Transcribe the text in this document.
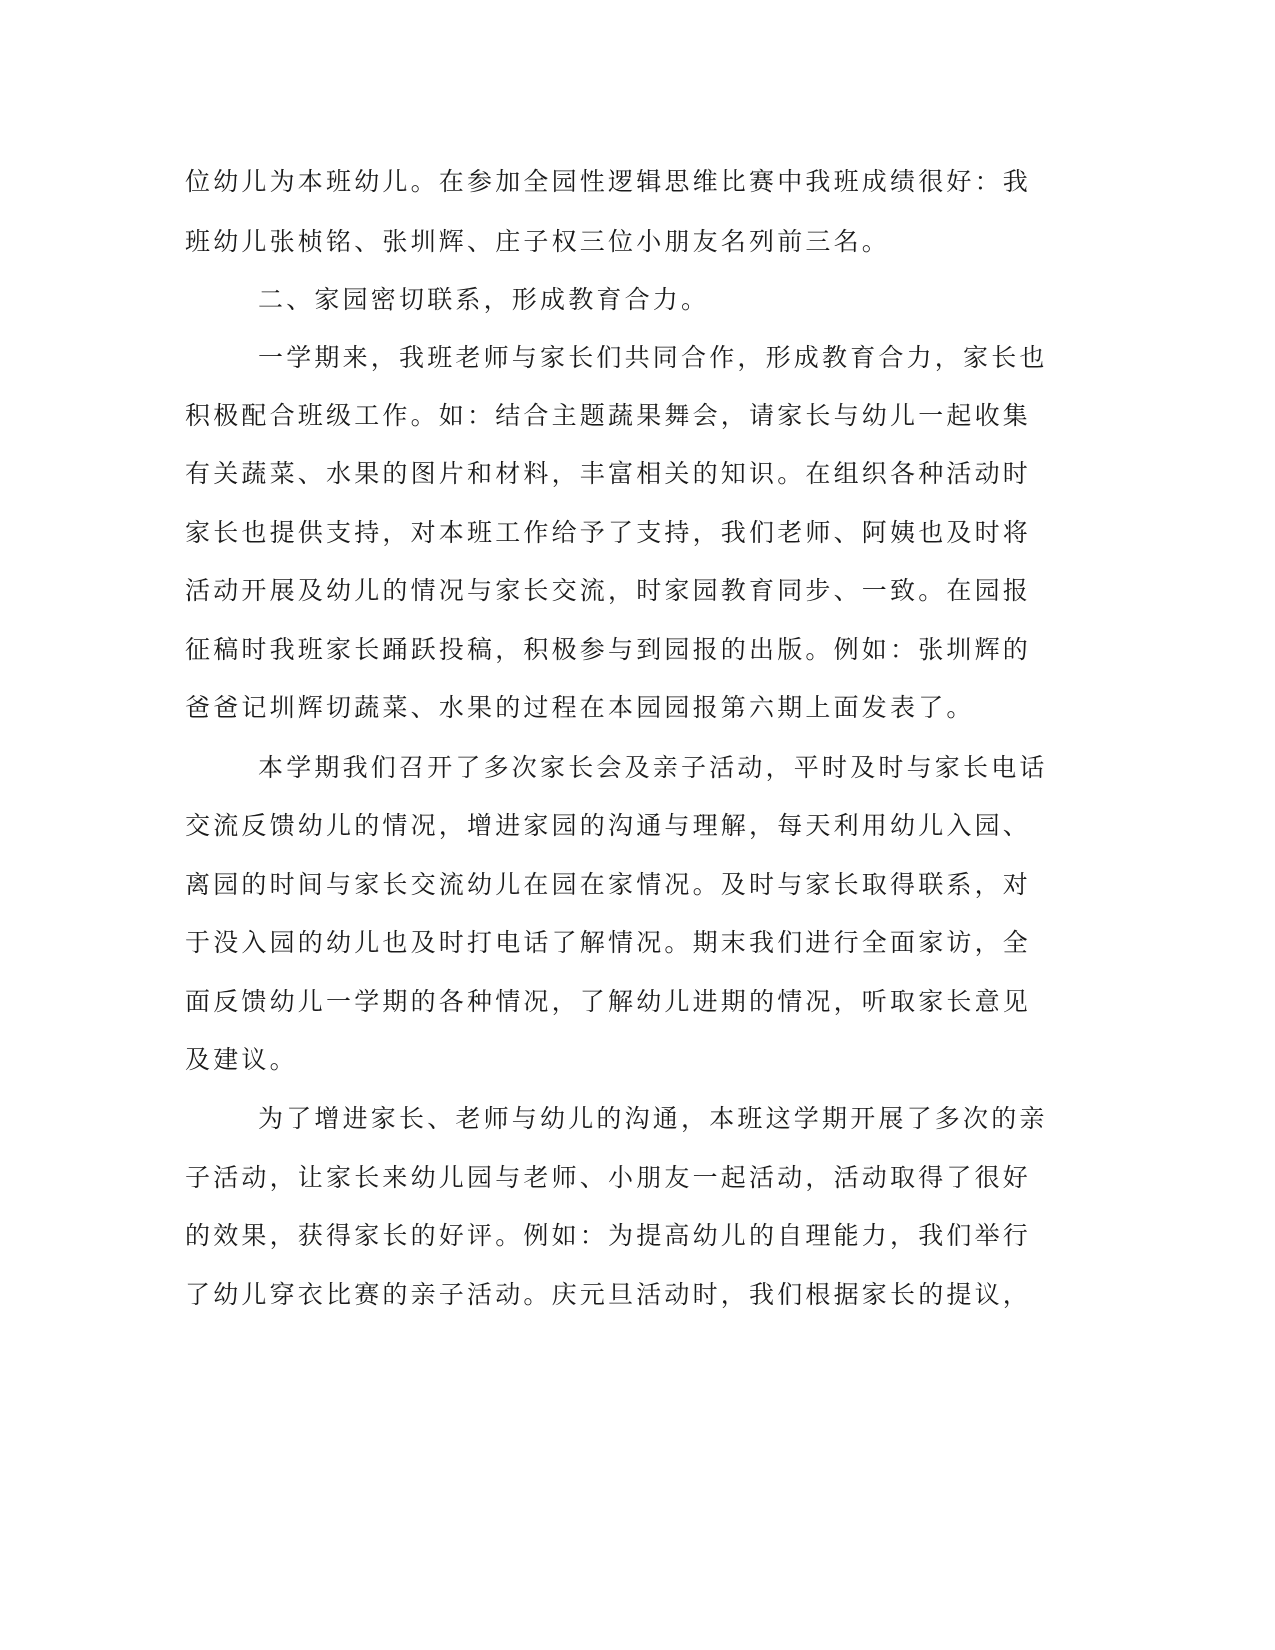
位幼儿为本班幼儿。在参加全园性逻辑思维比赛中我班成绩很好：我
班幼儿张桢铭、张圳辉、庄子权三位小朋友名列前三名。
二、家园密切联系，形成教育合力。
一学期来，我班老师与家长们共同合作，形成教育合力，家长也
积极配合班级工作。如：结合主题蔬果舞会，请家长与幼儿一起收集
有关蔬菜、水果的图片和材料，丰富相关的知识。在组织各种活动时
家长也提供支持，对本班工作给予了支持，我们老师、阿姨也及时将
活动开展及幼儿的情况与家长交流，时家园教育同步、一致。在园报
征稿时我班家长踊跃投稿，积极参与到园报的出版。例如：张圳辉的
爸爸记圳辉切蔬菜、水果的过程在本园园报第六期上面发表了。
本学期我们召开了多次家长会及亲子活动，平时及时与家长电话
交流反馈幼儿的情况，增进家园的沟通与理解，每天利用幼儿入园、
离园的时间与家长交流幼儿在园在家情况。及时与家长取得联系，对
于没入园的幼儿也及时打电话了解情况。期末我们进行全面家访，全
面反馈幼儿一学期的各种情况，了解幼儿进期的情况，听取家长意见
及建议。
为了增进家长、老师与幼儿的沟通，本班这学期开展了多次的亲
子活动，让家长来幼儿园与老师、小朋友一起活动，活动取得了很好
的效果，获得家长的好评。例如：为提高幼儿的自理能力，我们举行
了幼儿穿衣比赛的亲子活动。庆元旦活动时，我们根据家长的提议，
